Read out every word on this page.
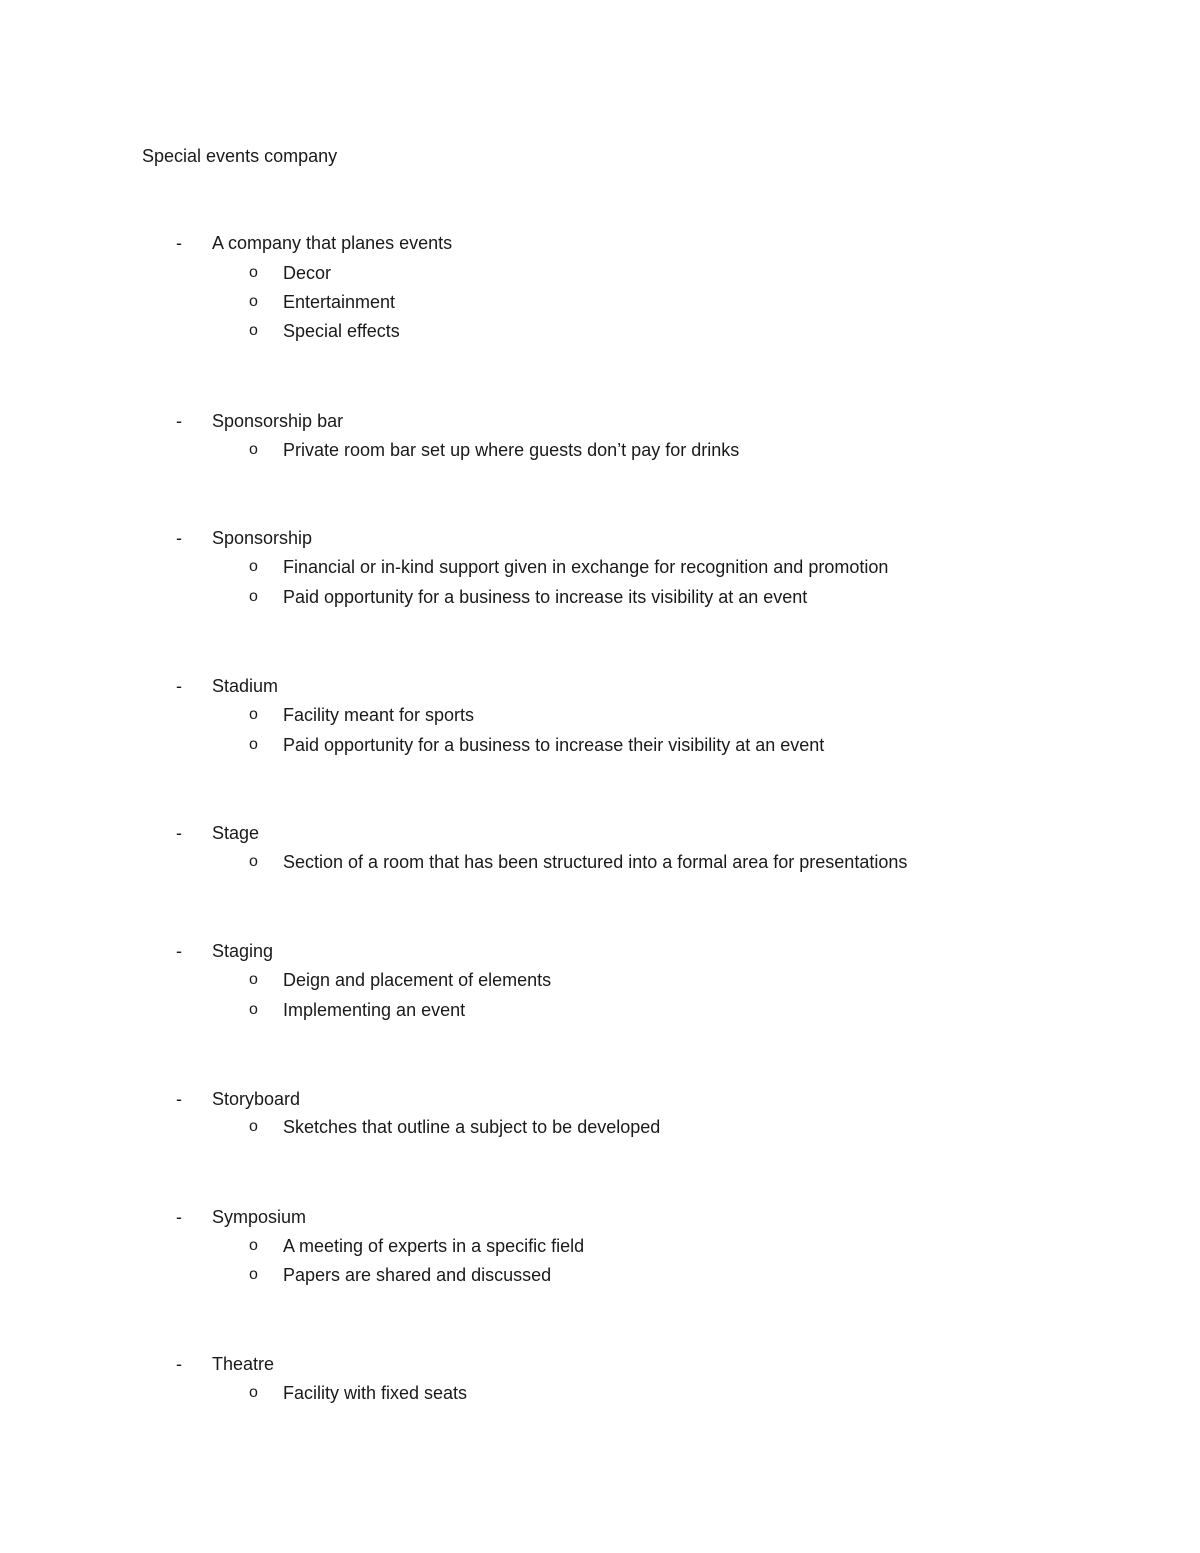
Special events company
- A company that planes events
o Decor
o Entertainment
o Special effects
- Sponsorship bar
o Private room bar set up where guests don’t pay for drinks
- Sponsorship
o Financial or in-kind support given in exchange for recognition and promotion
o Paid opportunity for a business to increase its visibility at an event
- Stadium
o Facility meant for sports
o Paid opportunity for a business to increase their visibility at an event
- Stage
o Section of a room that has been structured into a formal area for presentations
- Staging
o Deign and placement of elements
o Implementing an event
- Storyboard
o Sketches that outline a subject to be developed
- Symposium
o A meeting of experts in a specific field
o Papers are shared and discussed
- Theatre
o Facility with fixed seats
